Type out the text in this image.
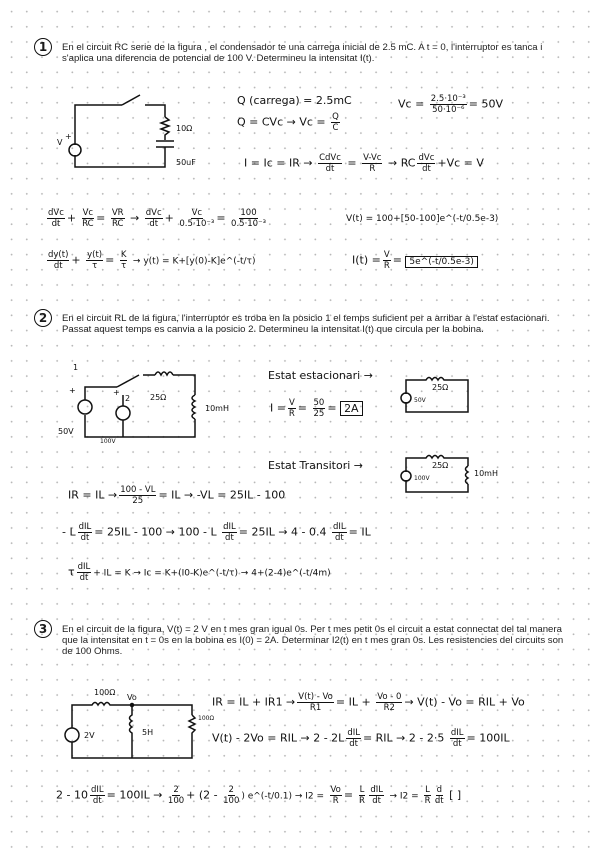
1	En el circuit RC serie de la figura , el condensador te una carrega inicial de 2.5 mC. A t = 0, l'interruptor es tanca i s'aplica una diferencia de potencial de 100 V. Determineu la intensitat I(t).
V
+
10Ω
50uF
Q (carrega) = 2.5mC
Q = CVc → $Vc = \frac{Q}{C}$
$Vc = \frac{\text{2.5·10⁻³}}{\text{50·10⁻⁶}} = 50V$
I = Ic = IR → $\frac{\text{CdVc}}{dt} = \frac{V-Vc}{R}$ → RC $\frac{\text{dVc}}{dt} +Vc = V$
$\frac{\text{dVc}}{dt} + \frac{Vc}{RC} = \frac{VR}{RC} \to \frac{\text{dVc}}{dt} + \frac{Vc}{\text{0.5·10⁻³}} = \frac{100}{\text{0.5·10⁻³}}$	V(t) = 100+[50-100]e^(-t/0.5e-3)
$\frac{dy(t)}{dt} + \frac{y(t)}{\tau} = \frac{K}{\tau} \to y(t)$ = K+[y(0)-K]e^(-t/τ)	$I(t) = \frac{V}{R}$ = 5e^(-t/0.5e-3)
2	En el circuit RL de la figura, l'interruptor es troba en la posicio 1 el temps suficient per a arribar a l'estat estacionari. Passat aquest temps es canvia a la posicio 2. Determineu la intensitat I(t) que circula per la bobina.
1
2
+	+
25Ω
10mH
50V
100V
Estat estacionari →
$I = \frac{V}{R} = \frac{50}{25} = 2A$
25Ω
50V
Estat Transitori →	25Ω
100V
10mH
IR = IL → $\frac{100 - VL}{25}$ = IL → -VL = 25IL - 100
- L $\frac{\text{dIL}}{dt} = 25IL - 100 \to 100 - L \frac{\text{dIL}}{dt} = 25IL \to 4 - 0.4 \frac{\text{dIL}}{dt}$ = IL
τ $\frac{\text{dIL}}{dt}$ + IL = K → Ic = K+(I0-K)e^(-t/τ) → 4+(2-4)e^(-t/4m)
3	En el circuit de la figura, V(t) = 2 V en t mes gran igual 0s. Per t mes petit 0s el circuit a estat connectat del tal manera que la intensitat en t = 0s en la bobina es I(0) = 2A. Determinar I2(t) en t mes gran 0s. Les resistencies del circuits son de 100 Ohms.
100Ω
Vo
2V	5H
100Ω
IR = IL + $IR1 \to \frac{V(t) - Vo}{R1}$ = IL + $\frac{Vo - 0}{R2} \to V(t) - Vo$ = RIL + Vo
V(t) - 2Vo = RIL → $2 - 2L \frac{\text{dIL}}{dt}$ = RIL → $2 - 2\cdot 5 \frac{\text{dIL}}{dt} = 100IL$
$2 - 10 \frac{\text{dIL}}{dt} = 100IL \to \frac{2}{100} + (2 - \frac{2}{100}$ ) e^(-t/0.1) → $I2 = \frac{Vo}{R} = \frac{L}{R} \frac{\text{dIL}}{dt} \to I2 = \frac{L}{R} \frac{d}{dt}$ [ ]
